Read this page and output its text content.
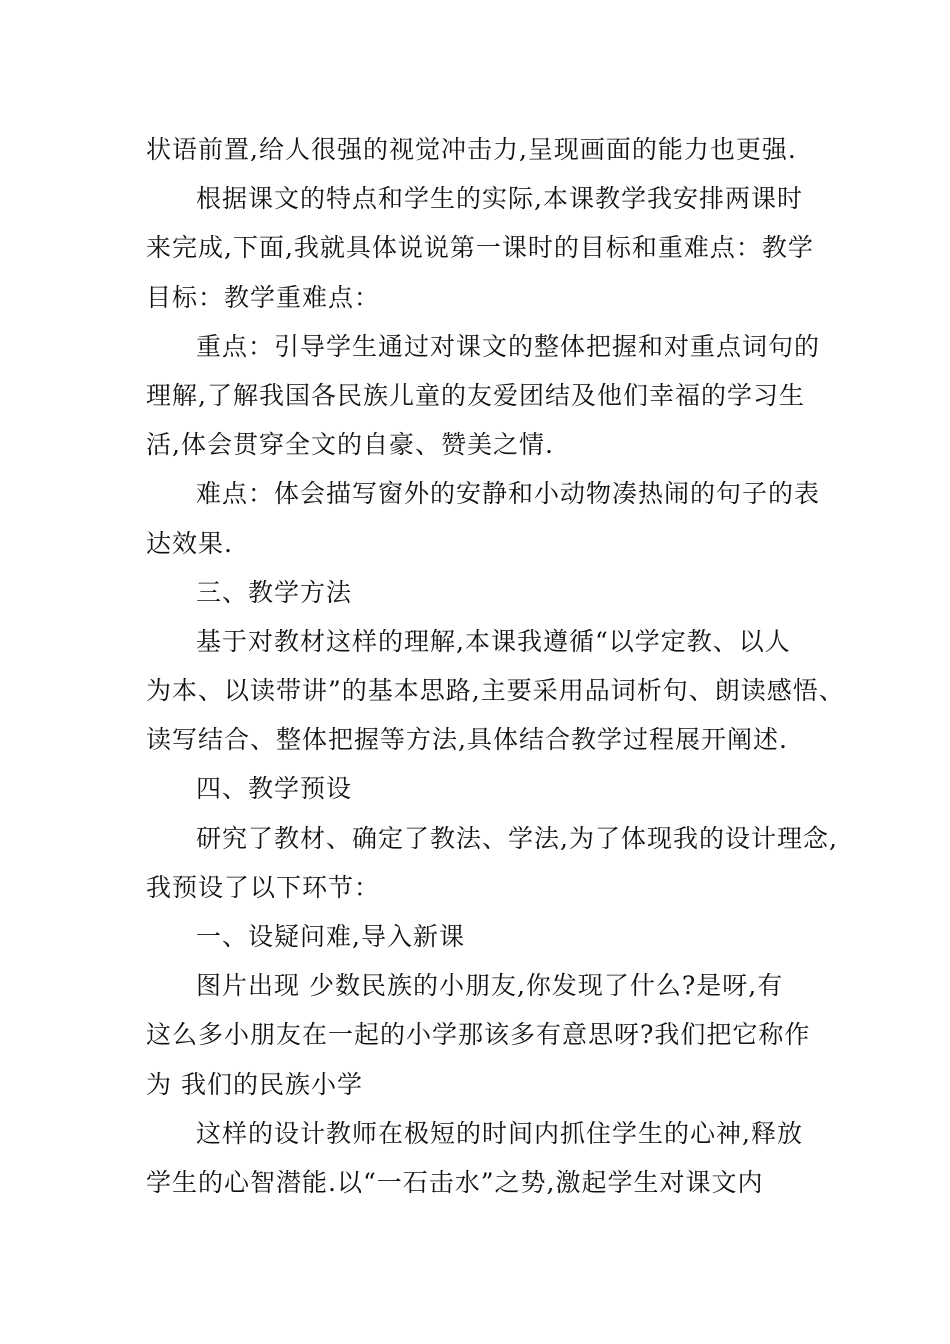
状语前置,给人很强的视觉冲击力,呈现画面的能力也更强.
根据课文的特点和学生的实际,本课教学我安排两课时
来完成,下面,我就具体说说第一课时的目标和重难点：教学
目标：教学重难点：
重点：引导学生通过对课文的整体把握和对重点词句的
理解,了解我国各民族儿童的友爱团结及他们幸福的学习生
活,体会贯穿全文的自豪、赞美之情.
难点：体会描写窗外的安静和小动物凑热闹的句子的表
达效果.
三、教学方法
基于对教材这样的理解,本课我遵循“以学定教、以人
为本、以读带讲”的基本思路,主要采用品词析句、朗读感悟、
读写结合、整体把握等方法,具体结合教学过程展开阐述.
四、教学预设
研究了教材、确定了教法、学法,为了体现我的设计理念,
我预设了以下环节：
一、设疑问难,导入新课
图片出现 少数民族的小朋友,你发现了什么?是呀,有
这么多小朋友在一起的小学那该多有意思呀?我们把它称作
为 我们的民族小学
这样的设计教师在极短的时间内抓住学生的心神,释放
学生的心智潜能.以“一石击水”之势,激起学生对课文内
